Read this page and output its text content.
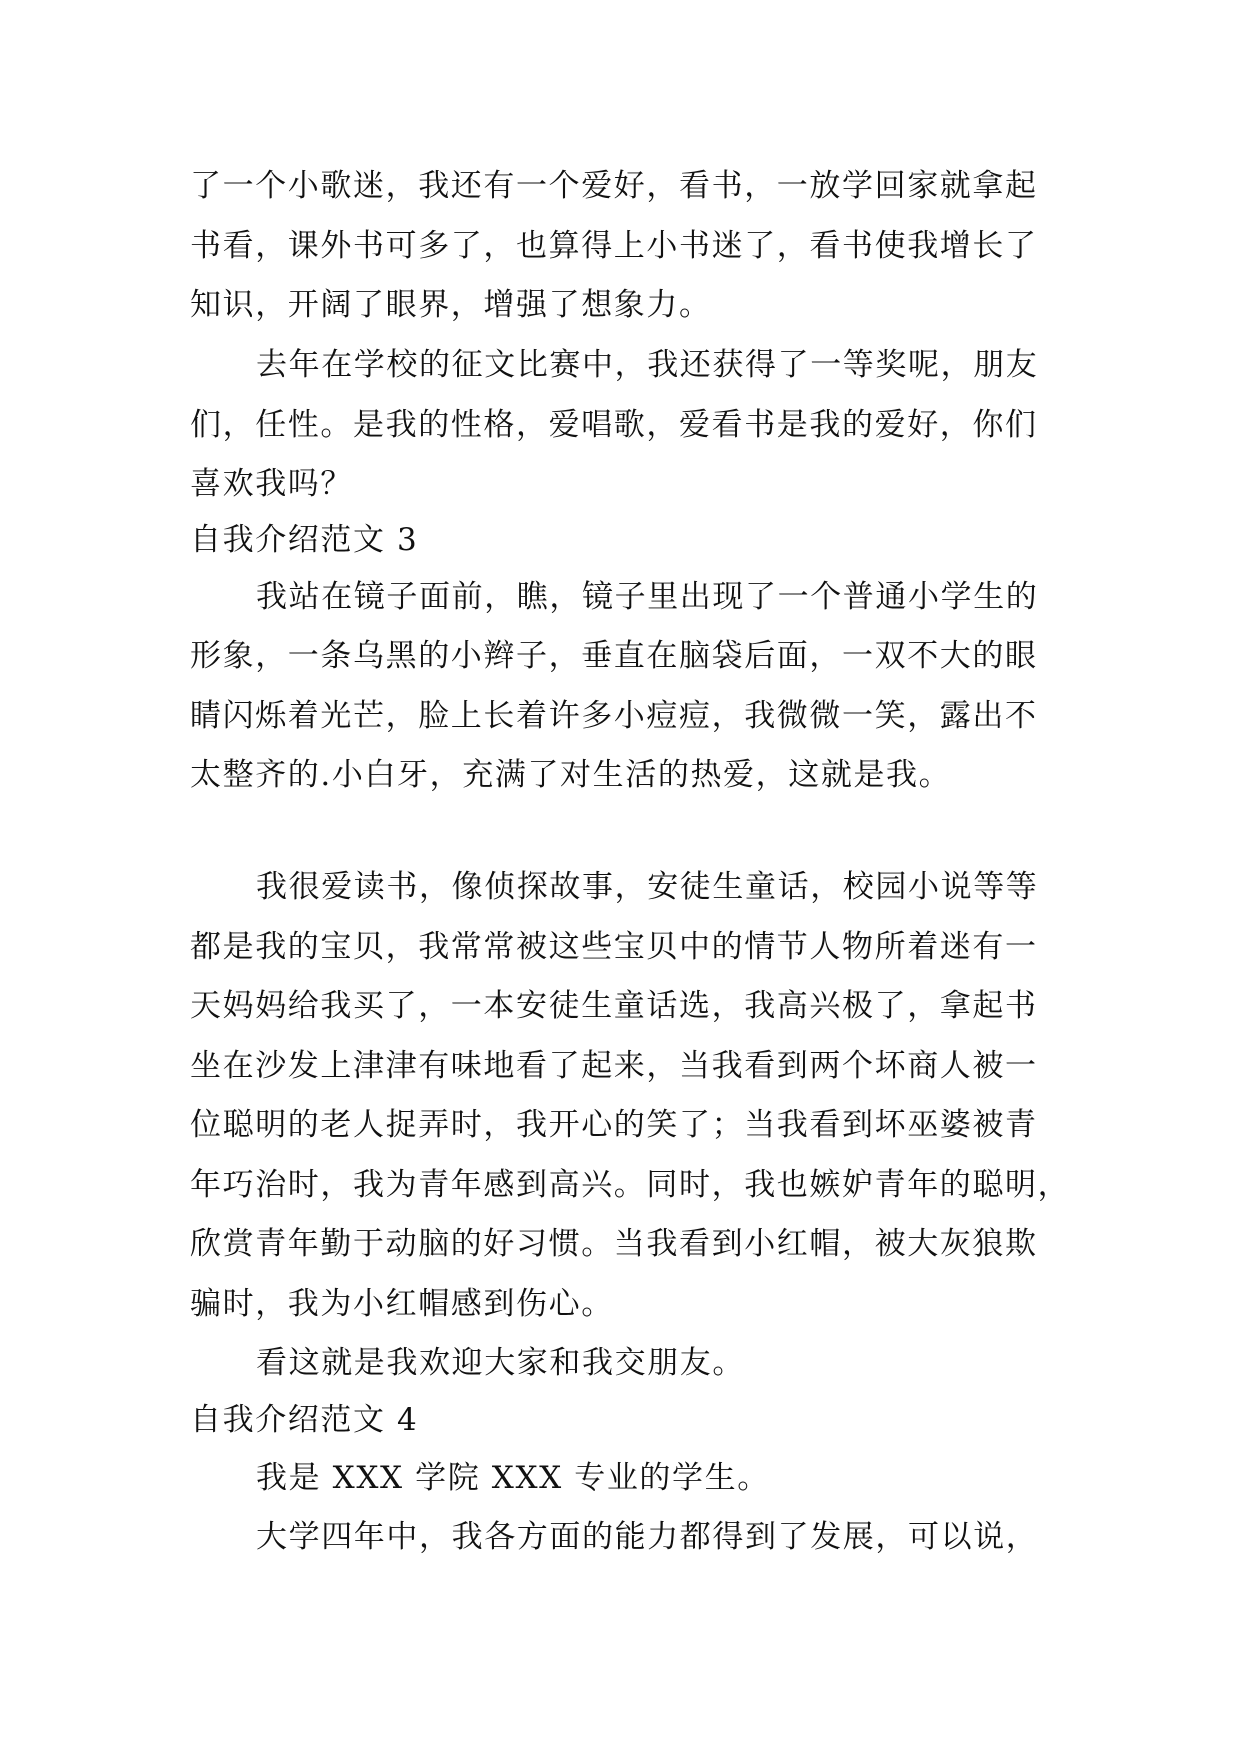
了一个小歌迷，我还有一个爱好，看书，一放学回家就拿起
书看，课外书可多了，也算得上小书迷了，看书使我增长了
知识，开阔了眼界，增强了想象力。
去年在学校的征文比赛中，我还获得了一等奖呢，朋友
们，任性。是我的性格，爱唱歌，爱看书是我的爱好，你们
喜欢我吗？
自我介绍范文 3
我站在镜子面前，瞧，镜子里出现了一个普通小学生的
形象，一条乌黑的小辫子，垂直在脑袋后面，一双不大的眼
睛闪烁着光芒，脸上长着许多小痘痘，我微微一笑，露出不
太整齐的.小白牙，充满了对生活的热爱，这就是我。
我很爱读书，像侦探故事，安徒生童话，校园小说等等
都是我的宝贝，我常常被这些宝贝中的情节人物所着迷有一
天妈妈给我买了，一本安徒生童话选，我高兴极了，拿起书
坐在沙发上津津有味地看了起来，当我看到两个坏商人被一
位聪明的老人捉弄时，我开心的笑了；当我看到坏巫婆被青
年巧治时，我为青年感到高兴。同时，我也嫉妒青年的聪明，
欣赏青年勤于动脑的好习惯。当我看到小红帽，被大灰狼欺
骗时，我为小红帽感到伤心。
看这就是我欢迎大家和我交朋友。
自我介绍范文 4
我是 XXX 学院 XXX 专业的学生。
大学四年中，我各方面的能力都得到了发展，可以说，
